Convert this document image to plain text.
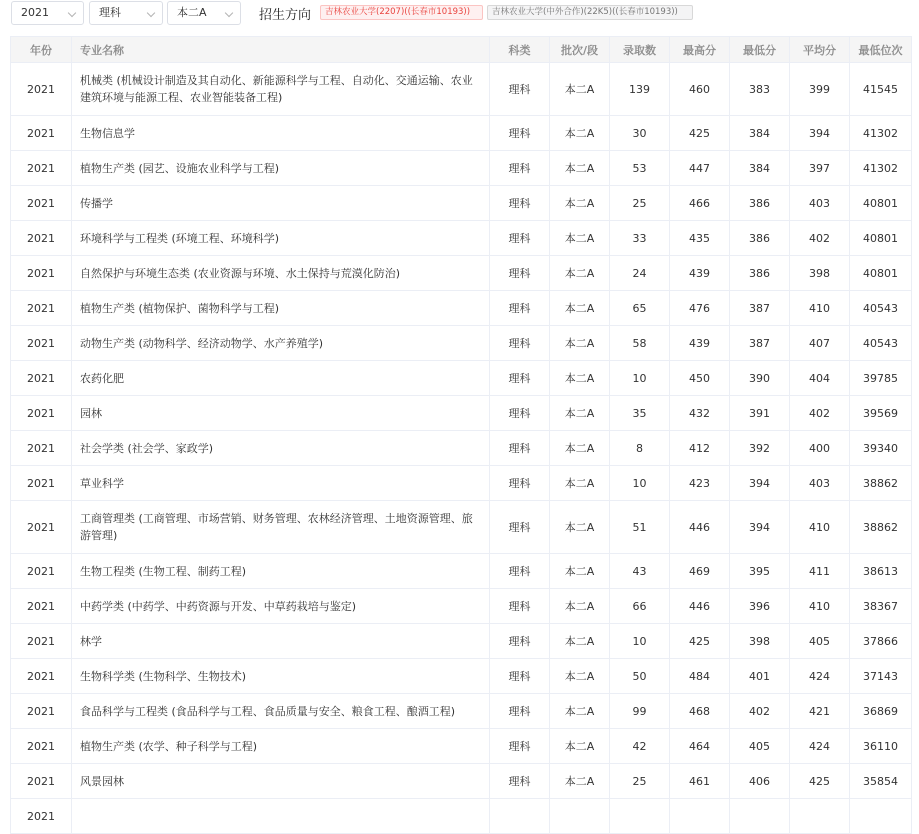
2021	理科	本二A	招生方向	吉林农业大学(2207)((长春市10193))	吉林农业大学(中外合作)(22K5)((长春市10193))
年份	专业名称	科类	批次/段	录取数	最高分	最低分	平均分	最低位次
2021	机械类 (机械设计制造及其自动化、新能源科学与工程、自动化、交通运输、农业建筑环境与能源工程、农业智能装备工程)	理科	本二A	139	460	383	399	41545
2021	生物信息学	理科	本二A	30	425	384	394	41302
2021	植物生产类 (园艺、设施农业科学与工程)	理科	本二A	53	447	384	397	41302
2021	传播学	理科	本二A	25	466	386	403	40801
2021	环境科学与工程类 (环境工程、环境科学)	理科	本二A	33	435	386	402	40801
2021	自然保护与环境生态类 (农业资源与环境、水土保持与荒漠化防治)	理科	本二A	24	439	386	398	40801
2021	植物生产类 (植物保护、菌物科学与工程)	理科	本二A	65	476	387	410	40543
2021	动物生产类 (动物科学、经济动物学、水产养殖学)	理科	本二A	58	439	387	407	40543
2021	农药化肥	理科	本二A	10	450	390	404	39785
2021	园林	理科	本二A	35	432	391	402	39569
2021	社会学类 (社会学、家政学)	理科	本二A	8	412	392	400	39340
2021	草业科学	理科	本二A	10	423	394	403	38862
2021	工商管理类 (工商管理、市场营销、财务管理、农林经济管理、土地资源管理、旅游管理)	理科	本二A	51	446	394	410	38862
2021	生物工程类 (生物工程、制药工程)	理科	本二A	43	469	395	411	38613
2021	中药学类 (中药学、中药资源与开发、中草药栽培与鉴定)	理科	本二A	66	446	396	410	38367
2021	林学	理科	本二A	10	425	398	405	37866
2021	生物科学类 (生物科学、生物技术)	理科	本二A	50	484	401	424	37143
2021	食品科学与工程类 (食品科学与工程、食品质量与安全、粮食工程、酿酒工程)	理科	本二A	99	468	402	421	36869
2021	植物生产类 (农学、种子科学与工程)	理科	本二A	42	464	405	424	36110
2021	风景园林	理科	本二A	25	461	406	425	35854
2021								
